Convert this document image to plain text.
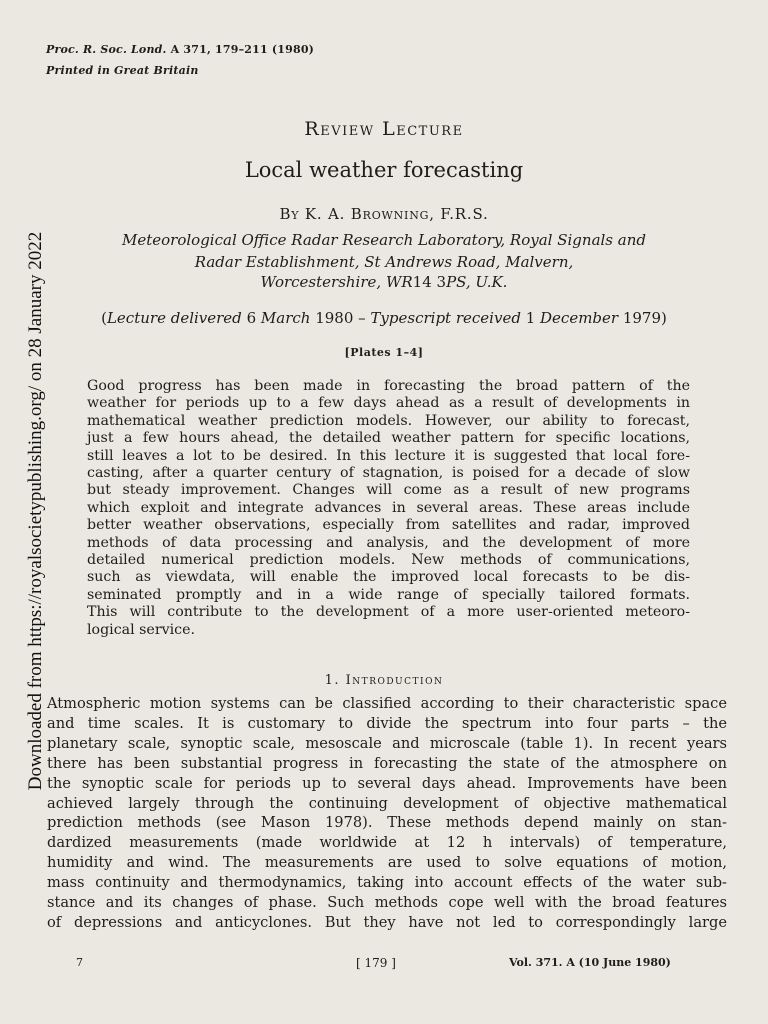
Proc. R. Soc. Lond. A 371, 179–211 (1980)
Printed in Great Britain
Downloaded from https://royalsocietypublishing.org/ on 28 January 2022
Review Lecture
Local weather forecasting
By K. A. Browning, F.R.S.
Meteorological Office Radar Research Laboratory, Royal Signals and
Radar Establishment, St Andrews Road, Malvern,
Worcestershire, WR14 3PS, U.K.
(Lecture delivered 6 March 1980 – Typescript received 1 December 1979)
[Plates 1–4]
Good progress has been made in forecasting the broad pattern of the
weather for periods up to a few days ahead as a result of developments in
mathematical weather prediction models. However, our ability to forecast,
just a few hours ahead, the detailed weather pattern for specific locations,
still leaves a lot to be desired. In this lecture it is suggested that local fore-
casting, after a quarter century of stagnation, is poised for a decade of slow
but steady improvement. Changes will come as a result of new programs
which exploit and integrate advances in several areas. These areas include
better weather observations, especially from satellites and radar, improved
methods of data processing and analysis, and the development of more
detailed numerical prediction models. New methods of communications,
such as viewdata, will enable the improved local forecasts to be dis-
seminated promptly and in a wide range of specially tailored formats.
This will contribute to the development of a more user-oriented meteoro-
logical service.
1. Introduction
Atmospheric motion systems can be classified according to their characteristic space
and time scales. It is customary to divide the spectrum into four parts – the
planetary scale, synoptic scale, mesoscale and microscale (table 1). In recent years
there has been substantial progress in forecasting the state of the atmosphere on
the synoptic scale for periods up to several days ahead. Improvements have been
achieved largely through the continuing development of objective mathematical
prediction methods (see Mason 1978). These methods depend mainly on stan-
dardized measurements (made worldwide at 12 h intervals) of temperature,
humidity and wind. The measurements are used to solve equations of motion,
mass continuity and thermodynamics, taking into account effects of the water sub-
stance and its changes of phase. Such methods cope well with the broad features
of depressions and anticyclones. But they have not led to correspondingly large
7	[ 179 ]	Vol. 371. A (10 June 1980)
